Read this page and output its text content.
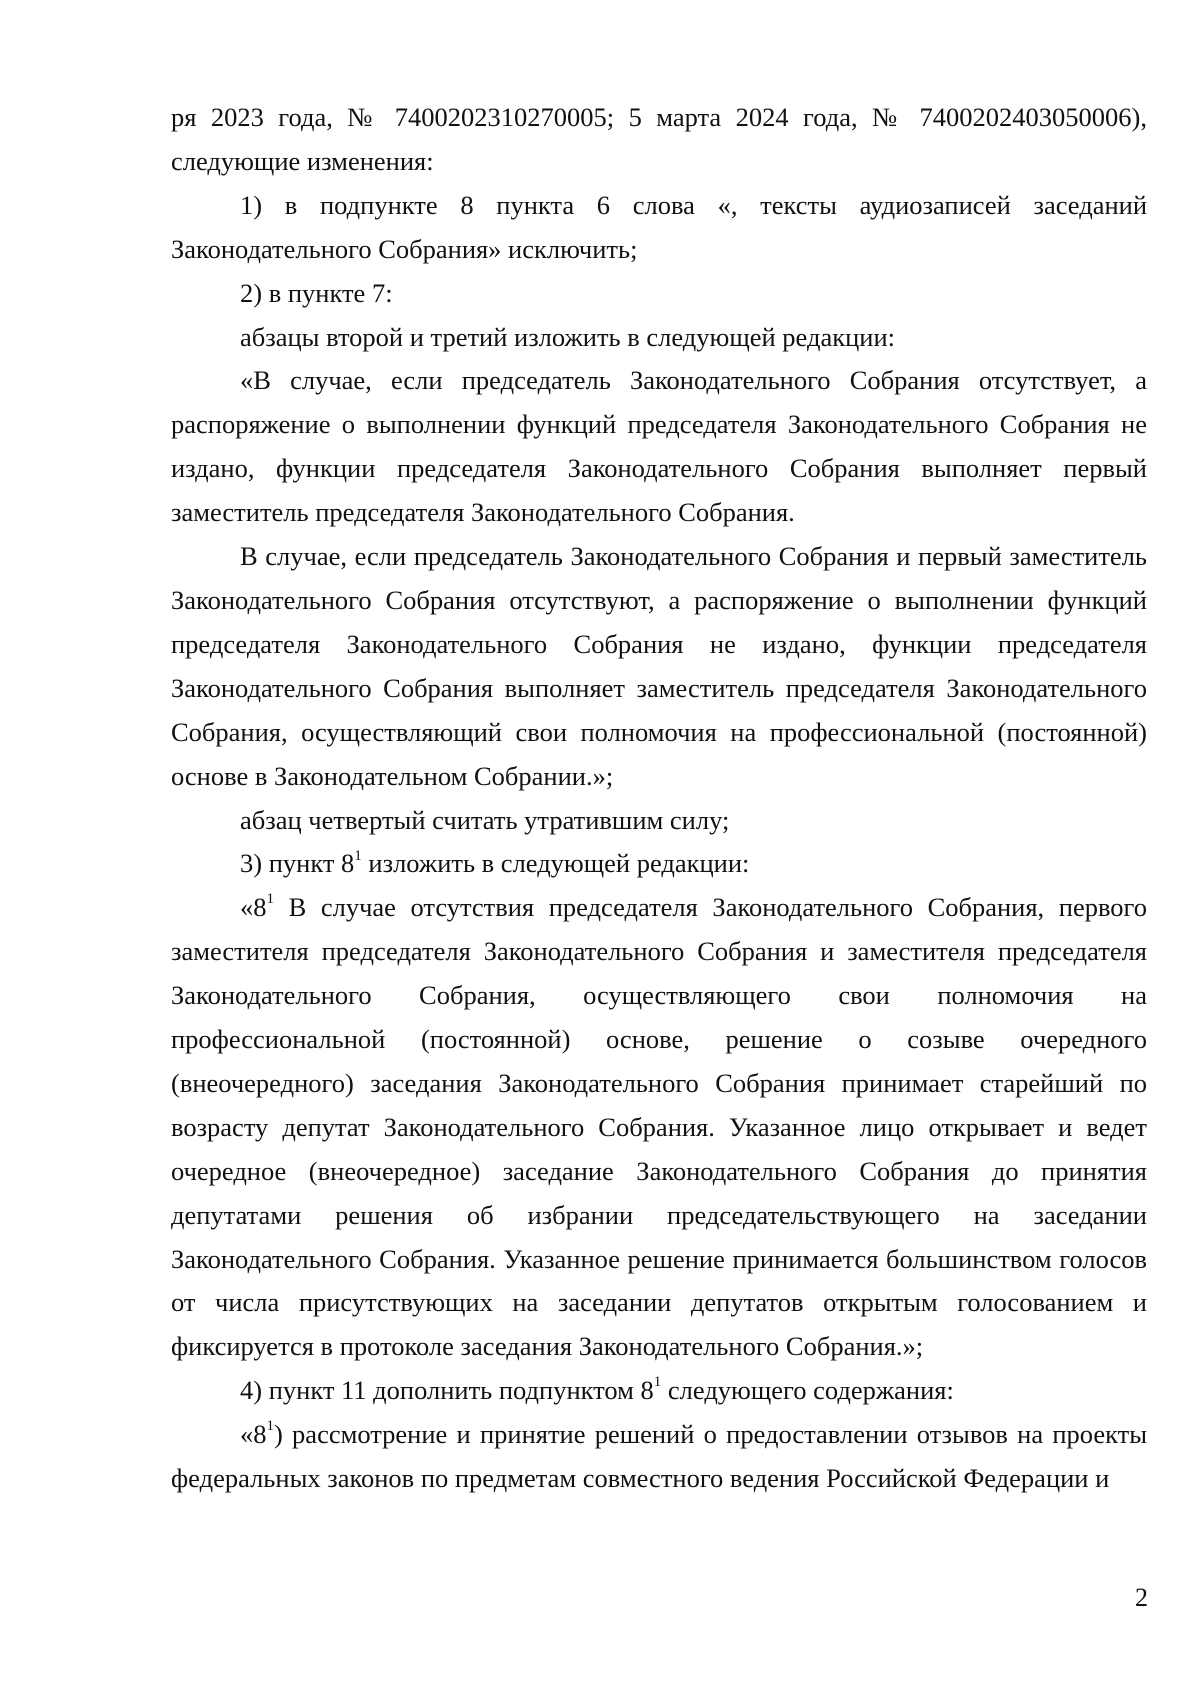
ря 2023 года, № 7400202310270005; 5 марта 2024 года, № 7400202403050006), следующие изменения:

1) в подпункте 8 пункта 6 слова «, тексты аудиозаписей заседаний Законодательного Собрания» исключить;

2) в пункте 7:

абзацы второй и третий изложить в следующей редакции:

«В случае, если председатель Законодательного Собрания отсутствует, а распоряжение о выполнении функций председателя Законодательного Собрания не издано, функции председателя Законодательного Собрания выполняет первый заместитель председателя Законодательного Собрания.

В случае, если председатель Законодательного Собрания и первый заместитель Законодательного Собрания отсутствуют, а распоряжение о выполнении функций председателя Законодательного Собрания не издано, функции председателя Законодательного Собрания выполняет заместитель председателя Законодательного Собрания, осуществляющий свои полномочия на профессиональной (постоянной) основе в Законодательном Собрании.»;

абзац четвертый считать утратившим силу;

3) пункт $8^1$ изложить в следующей редакции:

«$8^1$ В случае отсутствия председателя Законодательного Собрания, первого заместителя председателя Законодательного Собрания и заместителя председателя Законодательного Собрания, осуществляющего свои полномочия на профессиональной (постоянной) основе, решение о созыве очередного (внеочередного) заседания Законодательного Собрания принимает старейший по возрасту депутат Законодательного Собрания. Указанное лицо открывает и ведет очередное (внеочередное) заседание Законодательного Собрания до принятия депутатами решения об избрании председательствующего на заседании Законодательного Собрания. Указанное решение принимается большинством голосов от числа присутствующих на заседании депутатов открытым голосованием и фиксируется в протоколе заседания Законодательного Собрания.»;

4) пункт 11 дополнить подпунктом $8^1$ следующего содержания:

«$8^1$) рассмотрение и принятие решений о предоставлении отзывов на проекты федеральных законов по предметам совместного ведения Российской Федерации и

2
